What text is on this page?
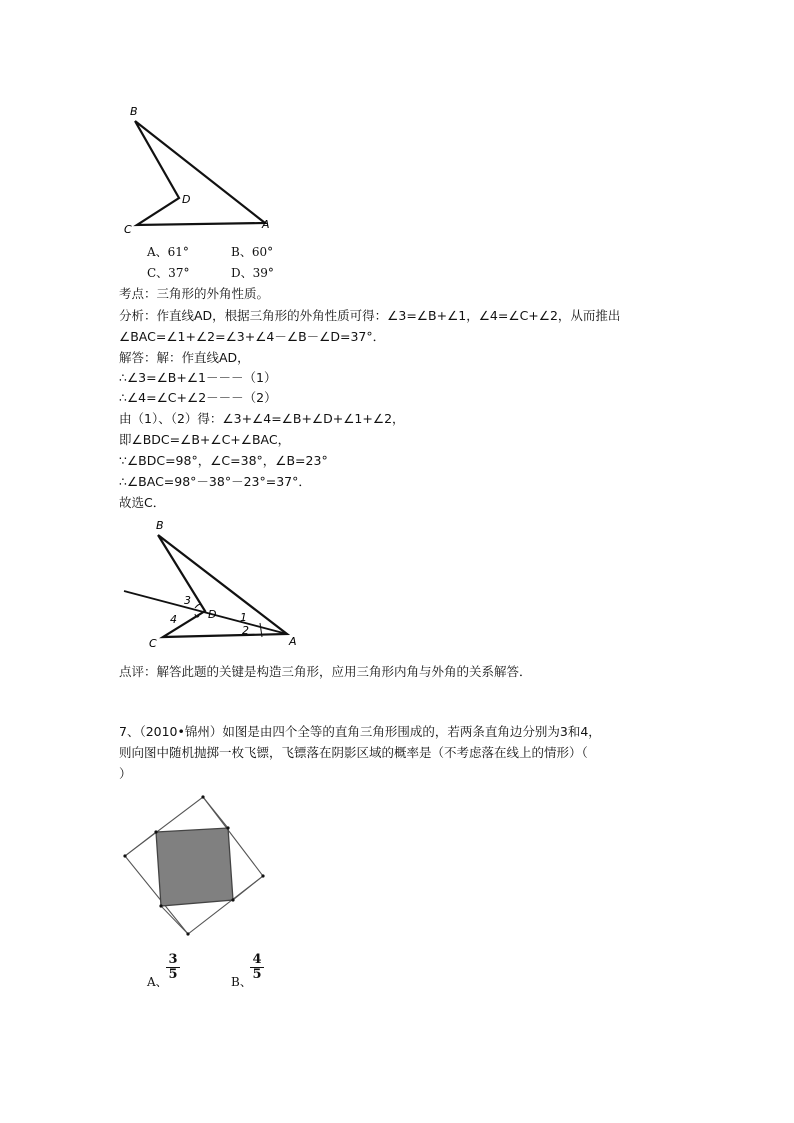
B
D
C	A
A、61°	B、60°
C、37°	D、39°
考点：三角形的外角性质。
分析：作直线AD，根据三角形的外角性质可得：∠3=∠B+∠1，∠4=∠C+∠2，从而推出
∠BAC=∠1+∠2=∠3+∠4－∠B－∠D=37°．
解答：解：作直线AD，
∴∠3=∠B+∠1－－－（1）
∴∠4=∠C+∠2－－－（2）
由（1）、（2）得：∠3+∠4=∠B+∠D+∠1+∠2，
即∠BDC=∠B+∠C+∠BAC，
∵∠BDC=98°，∠C=38°，∠B=23°
∴∠BAC=98°－38°－23°=37°．
故选C．
B
D
C	A
3
4	1
2
点评：解答此题的关键是构造三角形，应用三角形内角与外角的关系解答．
7、（2010•锦州）如图是由四个全等的直角三角形围成的，若两条直角边分别为3和4，
则向图中随机抛掷一枚飞镖，飞镖落在阴影区域的概率是（不考虑落在线上的情形）（
）
A、
$\frac{3}{5}$	B、
$\frac{4}{5}$
